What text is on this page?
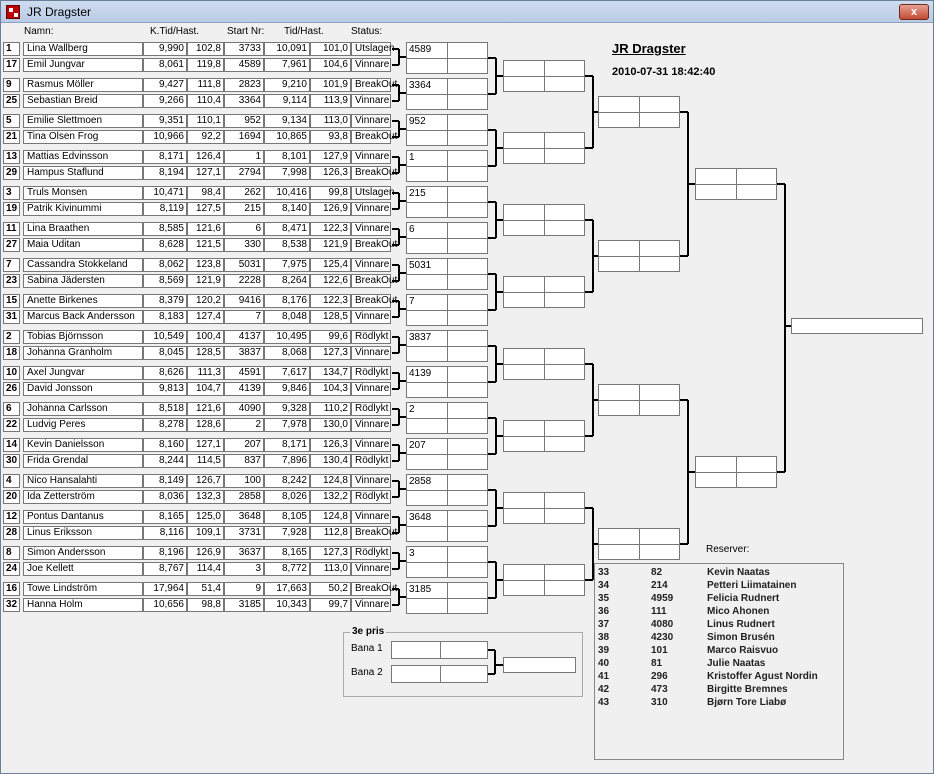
JR Dragster	x
Namn:	K.Tid/Hast.	Start Nr: Tid/Hast.	Status:
1	Lina Wallberg	9,990	102,8	3733	10,091	101,0 Utslagen
17 Emil Jungvar	8,061	119,8	4589	7,961	104,6 Vinnare
9	Rasmus Möller	9,427	111,8	2823	9,210	101,9 BreakOut
25 Sebastian Breid	9,266	110,4	3364	9,114	113,9 Vinnare
5	Emilie Slettmoen	9,351	110,1	952	9,134	113,0 Vinnare
21 Tina Olsen Frog	10,966	92,2	1694	10,865	93,8 BreakOut
13 Mattias Edvinsson	8,171	126,4	1	8,101	127,9 Vinnare
29 Hampus Staflund	8,194	127,1	2794	7,998	126,3 BreakOut
3	Truls Monsen	10,471	98,4	262	10,416	99,8 Utslagen
19 Patrik Kivinummi	8,119	127,5	215	8,140	126,9 Vinnare
11	Lina Braathen	8,585	121,6	6	8,471	122,3 Vinnare
27 Maia Uditan	8,628	121,5	330	8,538	121,9 BreakOut
7	Cassandra Stokkeland	8,062	123,8	5031	7,975	125,4 Vinnare
23 Sabina Jädersten	8,569	121,9	2228	8,264	122,6 BreakOut
15 Anette Birkenes	8,379	120,2	9416	8,176	122,3 BreakOut
31 Marcus Back Andersson	8,183	127,4	7	8,048	128,5 Vinnare
2	Tobias Björnsson	10,549	100,4	4137	10,495	99,6 Rödlykt
18 Johanna Granholm	8,045	128,5	3837	8,068	127,3 Vinnare
10 Axel Jungvar	8,626	111,3	4591	7,617	134,7 Rödlykt
26 David Jonsson	9,813	104,7	4139	9,846	104,3 Vinnare
6	Johanna Carlsson	8,518	121,6	4090	9,328	110,2 Rödlykt
22 Ludvig Peres	8,278	128,6	2	7,978	130,0 Vinnare
14 Kevin Danielsson	8,160	127,1	207	8,171	126,3 Vinnare
30 Frida Grendal	8,244	114,5	837	7,896	130,4 Rödlykt
4	Nico Hansalahti	8,149	126,7	100	8,242	124,8 Vinnare
20 Ida Zetterström	8,036	132,3	2858	8,026	132,2 Rödlykt
12 Pontus Dantanus	8,165	125,0	3648	8,105	124,8 Vinnare
28 Linus Eriksson	8,116	109,1	3731	7,928	112,8 BreakOut
8	Simon Andersson	8,196	126,9	3637	8,165	127,3 Rödlykt
24 Joe Kellett	8,767	114,4	3	8,772	113,0 Vinnare
16 Towe Lindström	17,964	51,4	9	17,663	50,2 BreakOut
32 Hanna Holm	10,656	98,8	3185	10,343	99,7 Vinnare
4589
3364
952
1
215
6
5031
7
3837
4139
2
207
2858
3648
3
3185
JR Dragster
2010-07-31 18:42:40
3e pris
Bana 1
Bana 2
Reserver:
33	82	Kevin Naatas
34	214	Petteri Liimatainen
35	4959	Felicia Rudnert
36	111	Mico Ahonen
37	4080	Linus Rudnert
38	4230	Simon Brusén
39	101	Marco Raisvuo
40	81	Julie Naatas
41	296	Kristoffer Agust Nordin
42	473	Birgitte Bremnes
43	310	Bjørn Tore Liabø
